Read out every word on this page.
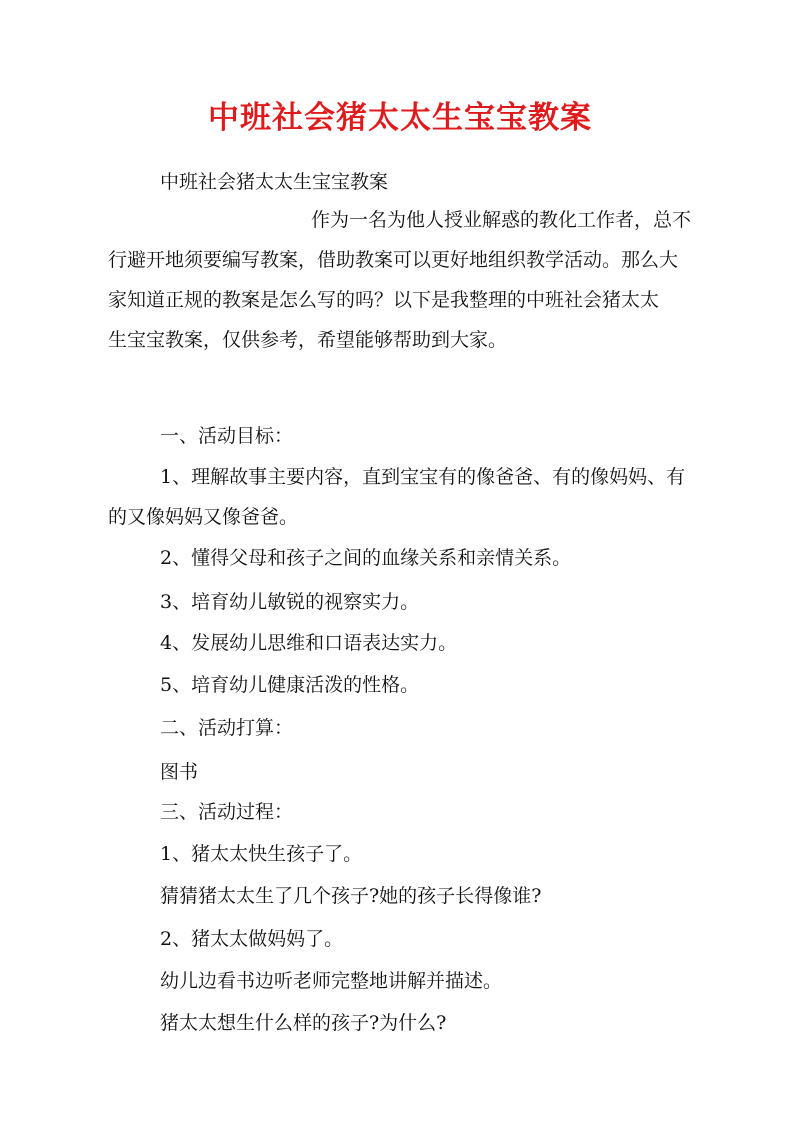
中班社会猪太太生宝宝教案
中班社会猪太太生宝宝教案
作为一名为他人授业解惑的教化工作者，总不
行避开地须要编写教案，借助教案可以更好地组织教学活动。那么大
家知道正规的教案是怎么写的吗？以下是我整理的中班社会猪太太
生宝宝教案，仅供参考，希望能够帮助到大家。
一、活动目标：
1、理解故事主要内容，直到宝宝有的像爸爸、有的像妈妈、有
的又像妈妈又像爸爸。
2、懂得父母和孩子之间的血缘关系和亲情关系。
3、培育幼儿敏锐的视察实力。
4、发展幼儿思维和口语表达实力。
5、培育幼儿健康活泼的性格。
二、活动打算：
图书
三、活动过程：
1、猪太太快生孩子了。
猜猜猪太太生了几个孩子?她的孩子长得像谁?
2、猪太太做妈妈了。
幼儿边看书边听老师完整地讲解并描述。
猪太太想生什么样的孩子?为什么?
